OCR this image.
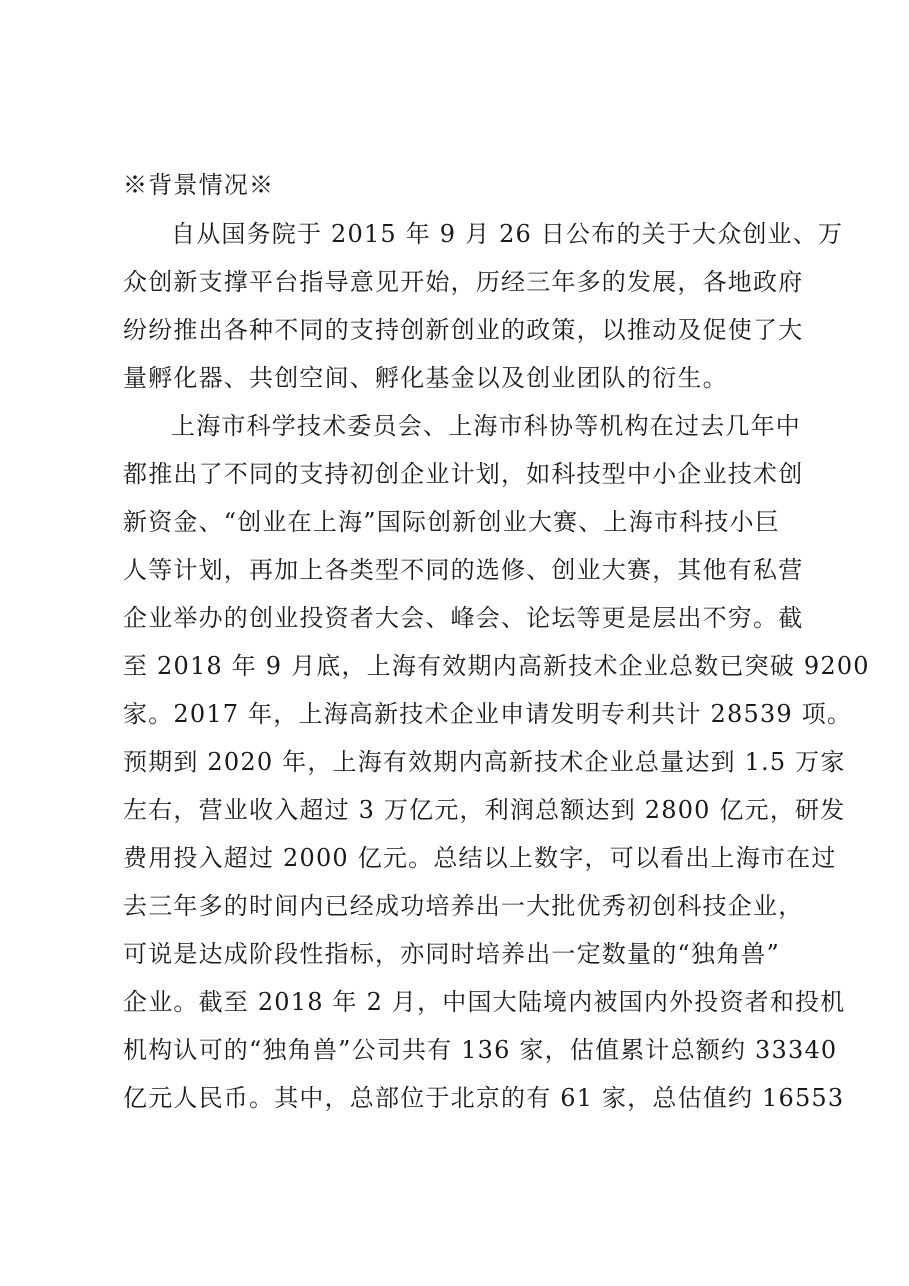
※背景情况※
自从国务院于 2015 年 9 月 26 日公布的关于大众创业、万
众创新支撑平台指导意见开始，历经三年多的发展，各地政府
纷纷推出各种不同的支持创新创业的政策，以推动及促使了大
量孵化器、共创空间、孵化基金以及创业团队的衍生。
上海市科学技术委员会、上海市科协等机构在过去几年中
都推出了不同的支持初创企业计划，如科技型中小企业技术创
新资金、“创业在上海”国际创新创业大赛、上海市科技小巨
人等计划，再加上各类型不同的选修、创业大赛，其他有私营
企业举办的创业投资者大会、峰会、论坛等更是层出不穷。截
至 2018 年 9 月底，上海有效期内高新技术企业总数已突破 9200
家。2017 年，上海高新技术企业申请发明专利共计 28539 项。
预期到 2020 年，上海有效期内高新技术企业总量达到 1.5 万家
左右，营业收入超过 3 万亿元，利润总额达到 2800 亿元，研发
费用投入超过 2000 亿元。总结以上数字，可以看出上海市在过
去三年多的时间内已经成功培养出一大批优秀初创科技企业，
可说是达成阶段性指标，亦同时培养出一定数量的“独角兽”
企业。截至 2018 年 2 月，中国大陆境内被国内外投资者和投机
机构认可的“独角兽”公司共有 136 家，估值累计总额约 33340
亿元人民币。其中，总部位于北京的有 61 家，总估值约 16553
